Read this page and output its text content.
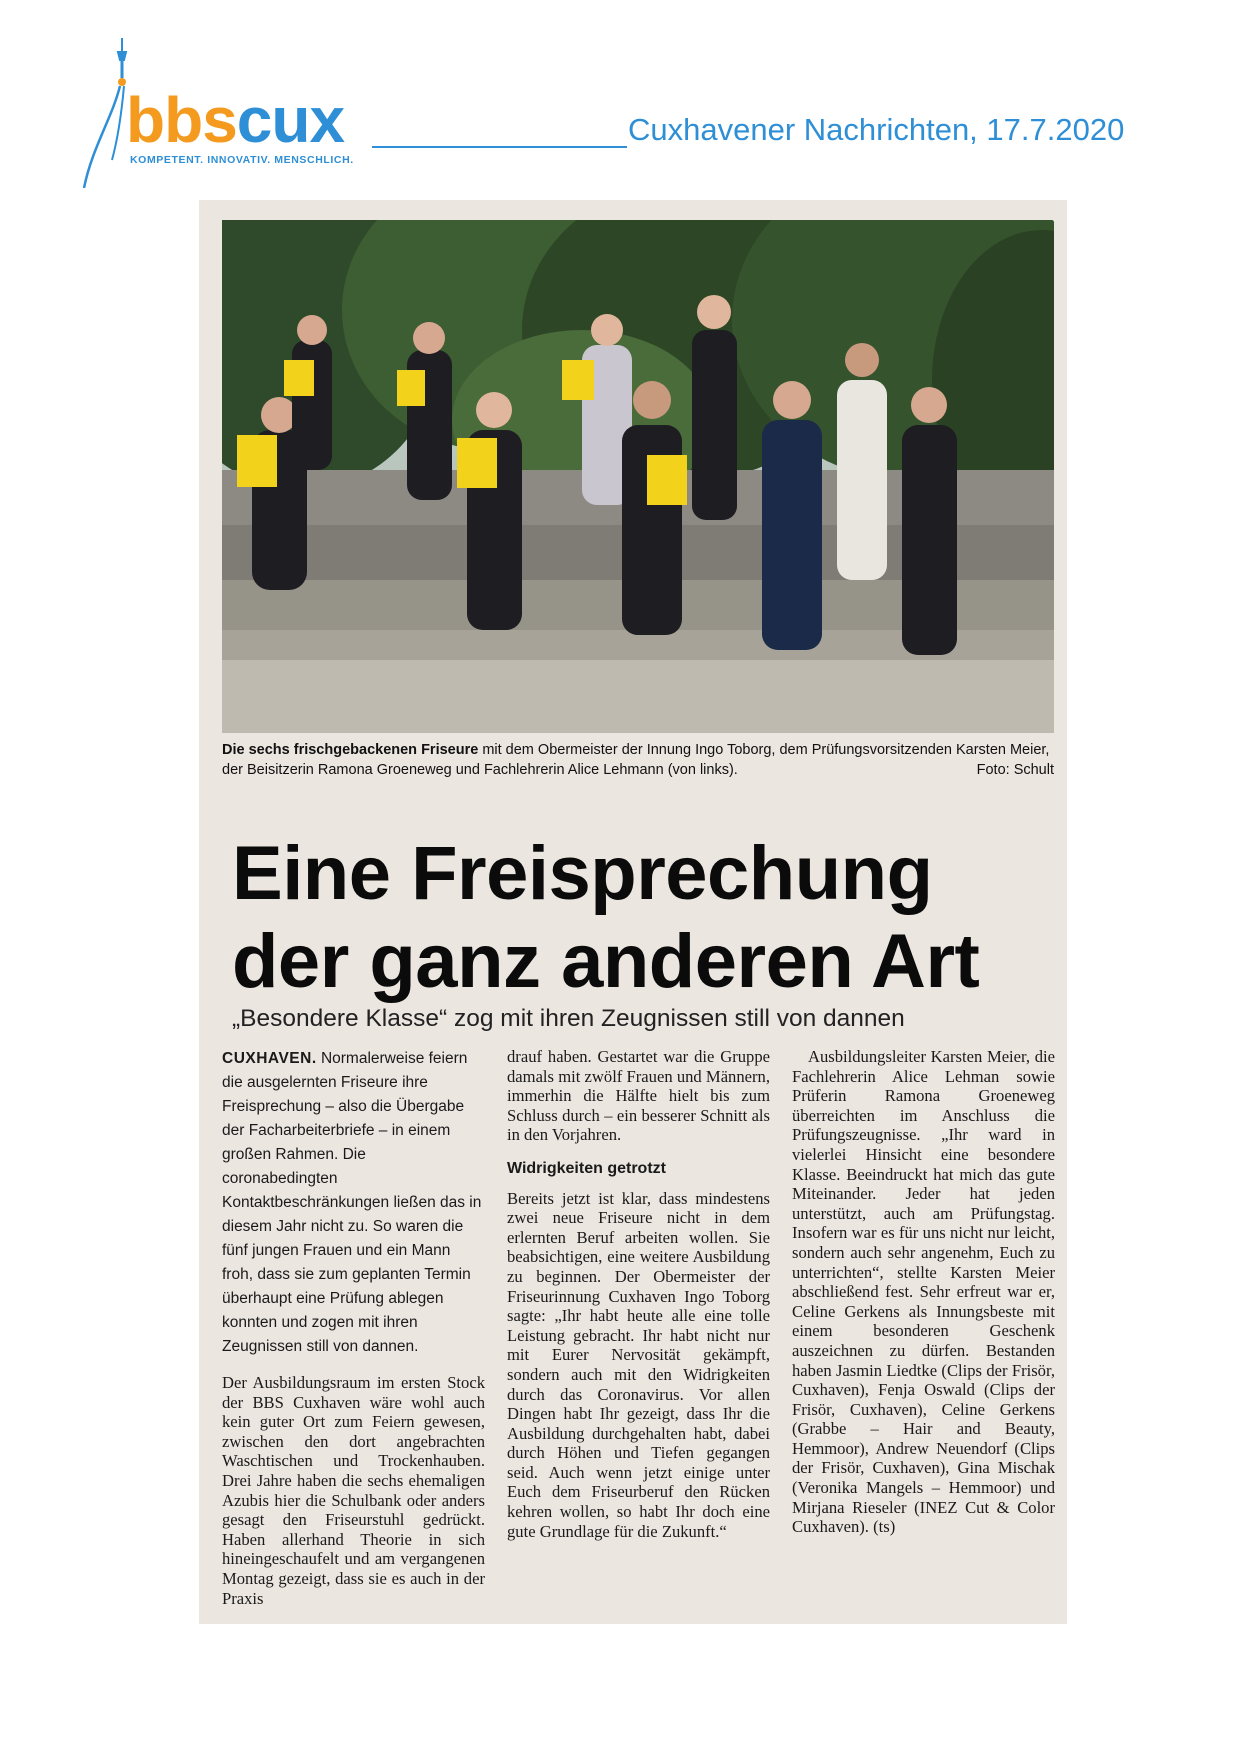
bbscux
KOMPETENT. INNOVATIV. MENSCHLICH.
Cuxhavener Nachrichten, 17.7.2020
Die sechs frischgebackenen Friseure mit dem Obermeister der Innung Ingo Toborg, dem Prüfungsvorsitzenden Karsten Meier, der Beisitzerin Ramona Groeneweg und Fachlehrerin Alice Lehmann (von links).	Foto: Schult
Eine Freisprechung
der ganz anderen Art
„Besondere Klasse“ zog mit ihren Zeugnissen still von dannen

CUXHAVEN. Normalerweise feiern die ausgelernten Friseure ihre Freisprechung – also die Übergabe der Facharbeiterbriefe – in einem großen Rahmen. Die coronabedingten Kontaktbeschränkungen ließen das in diesem Jahr nicht zu. So waren die fünf jungen Frauen und ein Mann froh, dass sie zum geplanten Termin überhaupt eine Prüfung ablegen konnten und zogen mit ihren Zeugnissen still von dannen.

Der Ausbildungsraum im ersten Stock der BBS Cuxhaven wäre wohl auch kein guter Ort zum Feiern gewesen, zwischen den dort angebrachten Waschtischen und Trockenhauben. Drei Jahre haben die sechs ehemaligen Azubis hier die Schulbank oder anders gesagt den Friseurstuhl gedrückt. Haben allerhand Theorie in sich hineingeschaufelt und am vergangenen Montag gezeigt, dass sie es auch in der Praxis

drauf haben. Gestartet war die Gruppe damals mit zwölf Frauen und Männern, immerhin die Hälfte hielt bis zum Schluss durch – ein besserer Schnitt als in den Vorjahren.

Widrigkeiten getrotzt

Bereits jetzt ist klar, dass mindestens zwei neue Friseure nicht in dem erlernten Beruf arbeiten wollen. Sie beabsichtigen, eine weitere Ausbildung zu beginnen. Der Obermeister der Friseurinnung Cuxhaven Ingo Toborg sagte: „Ihr habt heute alle eine tolle Leistung gebracht. Ihr habt nicht nur mit Eurer Nervosität gekämpft, sondern auch mit den Widrigkeiten durch das Coronavirus. Vor allen Dingen habt Ihr gezeigt, dass Ihr die Ausbildung durchgehalten habt, dabei durch Höhen und Tiefen gegangen seid. Auch wenn jetzt einige unter Euch dem Friseurberuf den Rücken kehren wollen, so habt Ihr doch eine gute Grundlage für die Zukunft.“

Ausbildungsleiter Karsten Meier, die Fachlehrerin Alice Lehman sowie Prüferin Ramona Groeneweg überreichten im Anschluss die Prüfungszeugnisse. „Ihr ward in vielerlei Hinsicht eine besondere Klasse. Beeindruckt hat mich das gute Miteinander. Jeder hat jeden unterstützt, auch am Prüfungstag. Insofern war es für uns nicht nur leicht, sondern auch sehr angenehm, Euch zu unterrichten“, stellte Karsten Meier abschließend fest. Sehr erfreut war er, Celine Gerkens als Innungsbeste mit einem besonderen Geschenk auszeichnen zu dürfen. Bestanden haben Jasmin Liedtke (Clips der Frisör, Cuxhaven), Fenja Oswald (Clips der Frisör, Cuxhaven), Celine Gerkens (Grabbe – Hair and Beauty, Hemmoor), Andrew Neuendorf (Clips der Frisör, Cuxhaven), Gina Mischak (Veronika Mangels – Hemmoor) und Mirjana Rieseler (INEZ Cut & Color Cuxhaven). (ts)
